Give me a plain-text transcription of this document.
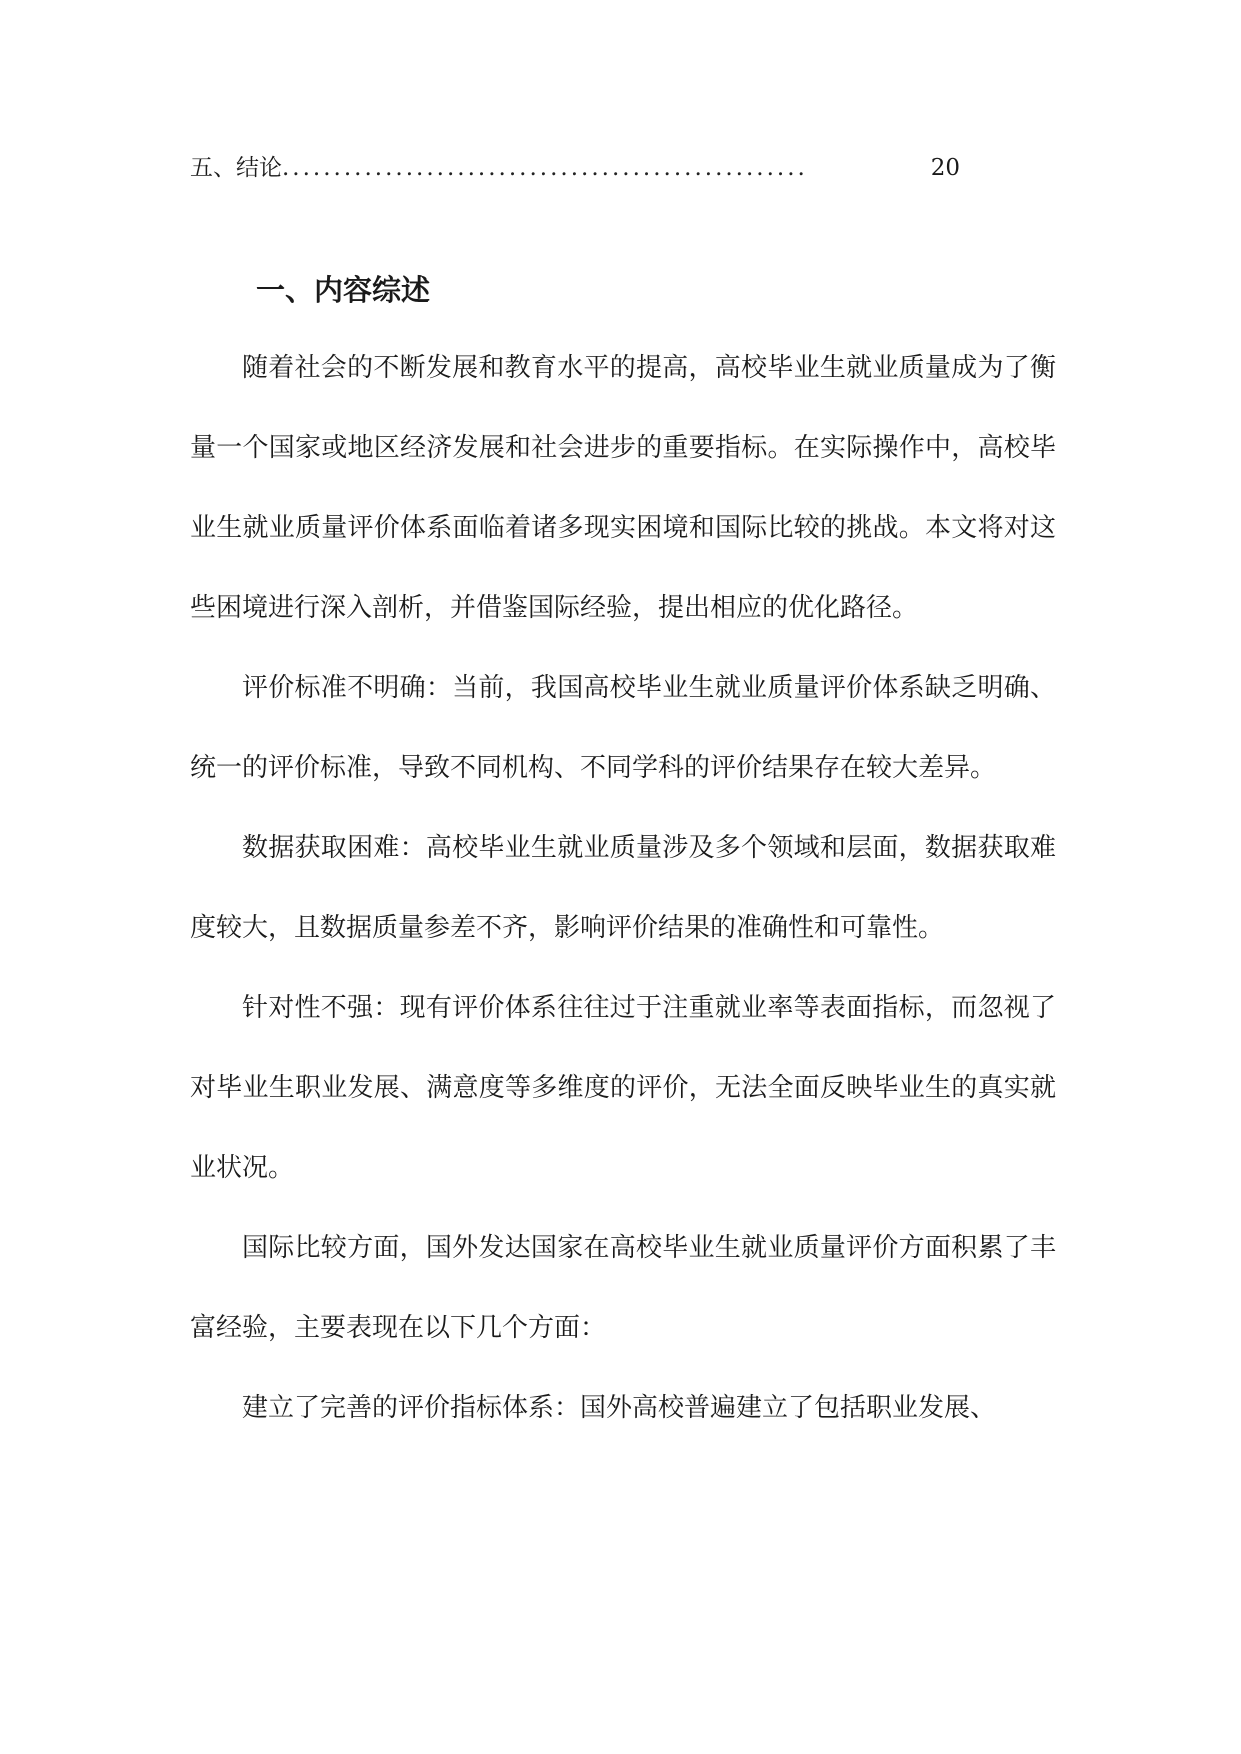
五、结论 ...................................................	20
一、内容综述

随着社会的不断发展和教育水平的提高，高校毕业生就业质量成为了衡量一个国家或地区经济发展和社会进步的重要指标。在实际操作中，高校毕业生就业质量评价体系面临着诸多现实困境和国际比较的挑战。本文将对这些困境进行深入剖析，并借鉴国际经验，提出相应的优化路径。

评价标准不明确：当前，我国高校毕业生就业质量评价体系缺乏明确、统一的评价标准，导致不同机构、不同学科的评价结果存在较大差异。

数据获取困难：高校毕业生就业质量涉及多个领域和层面，数据获取难度较大，且数据质量参差不齐，影响评价结果的准确性和可靠性。

针对性不强：现有评价体系往往过于注重就业率等表面指标，而忽视了对毕业生职业发展、满意度等多维度的评价，无法全面反映毕业生的真实就业状况。

国际比较方面，国外发达国家在高校毕业生就业质量评价方面积累了丰富经验，主要表现在以下几个方面：

建立了完善的评价指标体系：国外高校普遍建立了包括职业发展、
